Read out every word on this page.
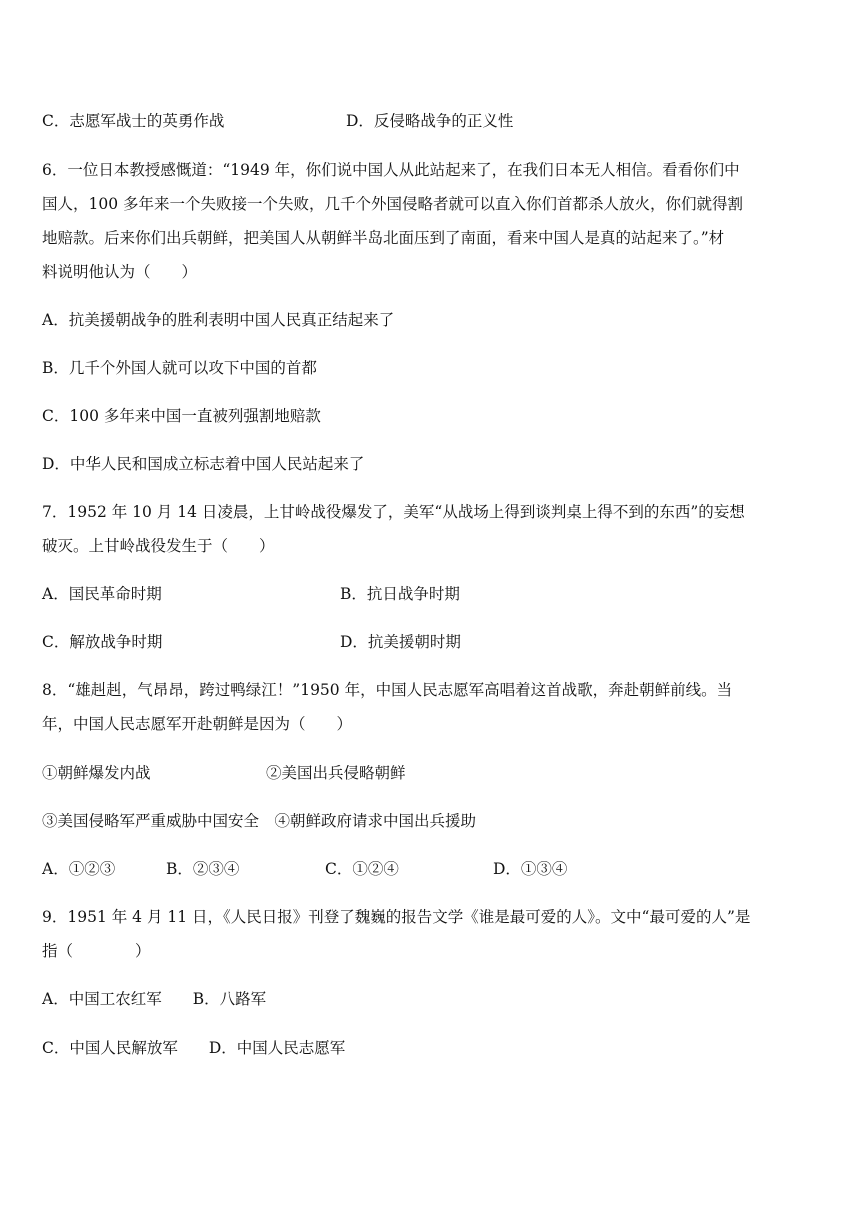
C．志愿军战士的英勇作战	D．反侵略战争的正义性
6．一位日本教授感慨道：“1949 年，你们说中国人从此站起来了，在我们日本无人相信。看看你们中
国人，100 多年来一个失败接一个失败，几千个外国侵略者就可以直入你们首都杀人放火，你们就得割
地赔款。后来你们出兵朝鲜，把美国人从朝鲜半岛北面压到了南面，看来中国人是真的站起来了。”材
料说明他认为（　　）
A．抗美援朝战争的胜利表明中国人民真正结起来了
B．几千个外国人就可以攻下中国的首都
C．100 多年来中国一直被列强割地赔款
D．中华人民和国成立标志着中国人民站起来了
7．1952 年 10 月 14 日凌晨，上甘岭战役爆发了，美军“从战场上得到谈判桌上得不到的东西”的妄想
破灭。上甘岭战役发生于（　　）
A．国民革命时期	B．抗日战争时期
C．解放战争时期	D．抗美援朝时期
8．“雄赳赳，气昂昂，跨过鸭绿江！”1950 年，中国人民志愿军高唱着这首战歌，奔赴朝鲜前线。当
年，中国人民志愿军开赴朝鲜是因为（　　）
①朝鲜爆发内战	②美国出兵侵略朝鲜
③美国侵略军严重威胁中国安全　④朝鲜政府请求中国出兵援助
A．①②③	B．②③④	C．①②④	D．①③④
9．1951 年 4 月 11 日，《人民日报》刊登了魏巍的报告文学《谁是最可爱的人》。文中“最可爱的人”是
指（　　　　）
A．中国工农红军　　B．八路军
C．中国人民解放军　　D．中国人民志愿军
